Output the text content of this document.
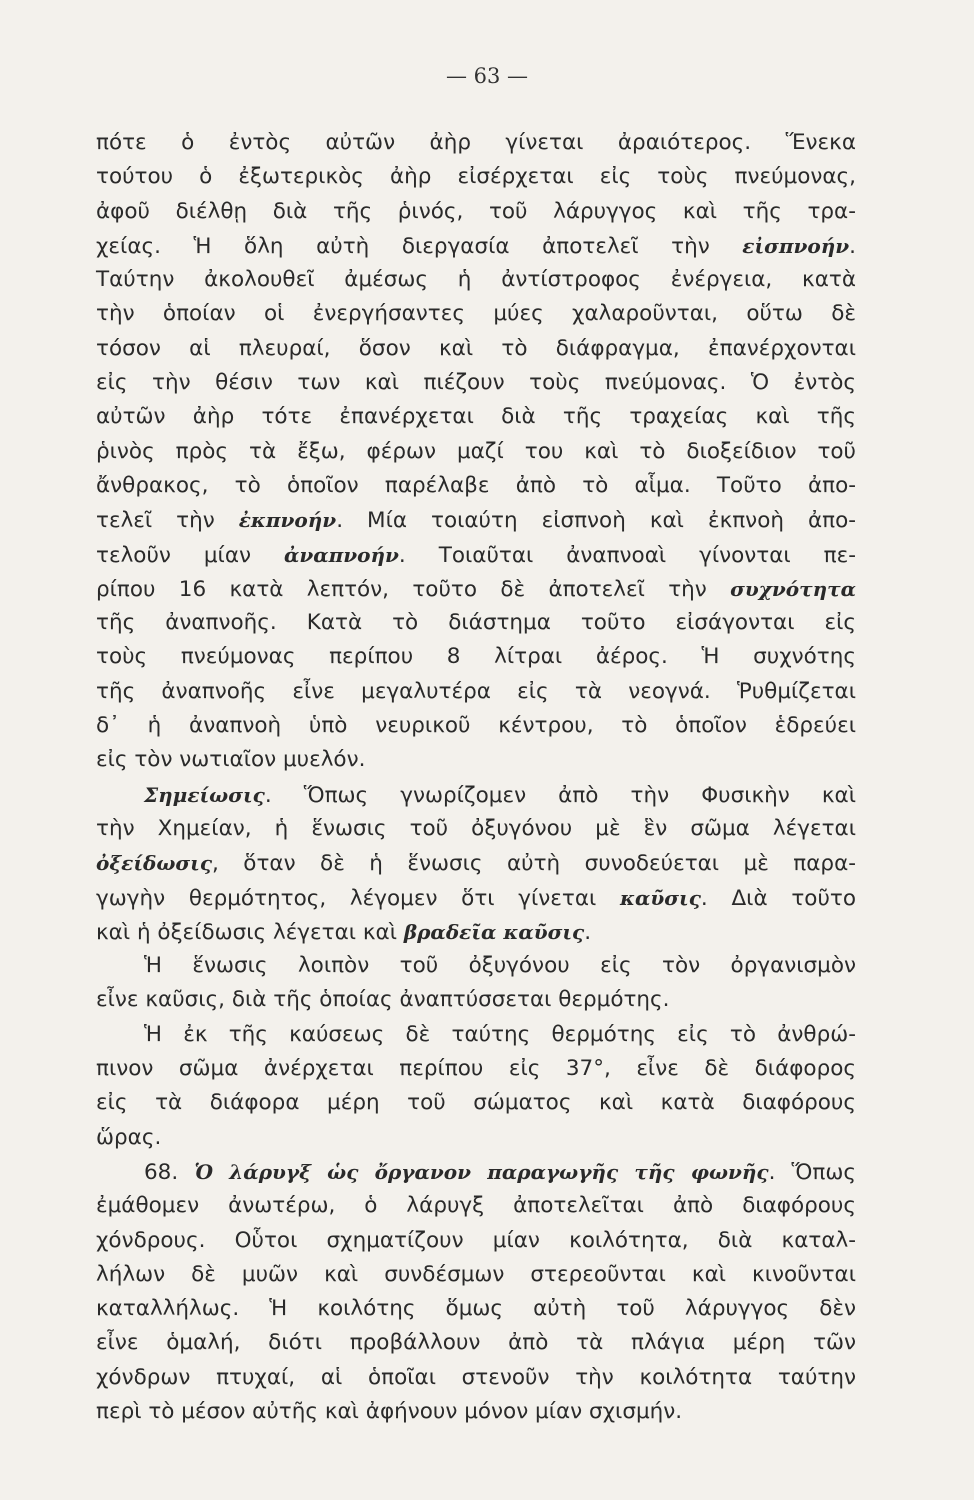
— 63 —
πότε ὁ ἐντὸς αὐτῶν ἀὴρ γίνεται ἀραιότερος. Ἕνεκα
τούτου ὁ ἐξωτερικὸς ἀὴρ εἰσέρχεται εἰς τοὺς πνεύμονας,
ἀφοῦ διέλθῃ διὰ τῆς ῥινός, τοῦ λάρυγγος καὶ τῆς τρα-
χείας. Ἡ ὅλη αὐτὴ διεργασία ἀποτελεῖ τὴν εἰσπνοήν.
Ταύτην ἀκολουθεῖ ἀμέσως ἡ ἀντίστροφος ἐνέργεια, κατὰ
τὴν ὁποίαν οἱ ἐνεργήσαντες μύες χαλαροῦνται, οὕτω δὲ
τόσον αἱ πλευραί, ὅσον καὶ τὸ διάφραγμα, ἐπανέρχονται
εἰς τὴν θέσιν των καὶ πιέζουν τοὺς πνεύμονας. Ὁ ἐντὸς
αὐτῶν ἀὴρ τότε ἐπανέρχεται διὰ τῆς τραχείας καὶ τῆς
ῥινὸς πρὸς τὰ ἔξω, φέρων μαζί του καὶ τὸ διοξείδιον τοῦ
ἄνθρακος, τὸ ὁποῖον παρέλαβε ἀπὸ τὸ αἷμα. Τοῦτο ἀπο-
τελεῖ τὴν ἐκπνοήν. Μία τοιαύτη εἰσπνοὴ καὶ ἐκπνοὴ ἀπο-
τελοῦν μίαν ἀναπνοήν. Τοιαῦται ἀναπνοαὶ γίνονται πε-
ρίπου 16 κατὰ λεπτόν, τοῦτο δὲ ἀποτελεῖ τὴν συχνότητα
τῆς ἀναπνοῆς. Κατὰ τὸ διάστημα τοῦτο εἰσάγονται εἰς
τοὺς πνεύμονας περίπου 8 λίτραι ἀέρος. Ἡ συχνότης
τῆς ἀναπνοῆς εἶνε μεγαλυτέρα εἰς τὰ νεογνά. Ῥυθμίζεται
δ᾽ ἡ ἀναπνοὴ ὑπὸ νευρικοῦ κέντρου, τὸ ὁποῖον ἑδρεύει
εἰς τὸν νωτιαῖον μυελόν.
Σημείωσις. Ὅπως γνωρίζομεν ἀπὸ τὴν Φυσικὴν καὶ
τὴν Χημείαν, ἡ ἕνωσις τοῦ ὀξυγόνου μὲ ἓν σῶμα λέγεται
ὀξείδωσις, ὅταν δὲ ἡ ἕνωσις αὐτὴ συνοδεύεται μὲ παρα-
γωγὴν θερμότητος, λέγομεν ὅτι γίνεται καῦσις. Διὰ τοῦτο
καὶ ἡ ὀξείδωσις λέγεται καὶ βραδεῖα καῦσις.
Ἡ ἕνωσις λοιπὸν τοῦ ὀξυγόνου εἰς τὸν ὀργανισμὸν
εἶνε καῦσις, διὰ τῆς ὁποίας ἀναπτύσσεται θερμότης.
Ἡ ἐκ τῆς καύσεως δὲ ταύτης θερμότης εἰς τὸ ἀνθρώ-
πινον σῶμα ἀνέρχεται περίπου εἰς 37°, εἶνε δὲ διάφορος
εἰς τὰ διάφορα μέρη τοῦ σώματος καὶ κατὰ διαφόρους
ὥρας.
68. Ὁ λάρυγξ ὡς ὄργανον παραγωγῆς τῆς φωνῆς. Ὅπως
ἐμάθομεν ἀνωτέρω, ὁ λάρυγξ ἀποτελεῖται ἀπὸ διαφόρους
χόνδρους. Οὗτοι σχηματίζουν μίαν κοιλότητα, διὰ καταλ-
λήλων δὲ μυῶν καὶ συνδέσμων στερεοῦνται καὶ κινοῦνται
καταλλήλως. Ἡ κοιλότης ὅμως αὐτὴ τοῦ λάρυγγος δὲν
εἶνε ὁμαλή, διότι προβάλλουν ἀπὸ τὰ πλάγια μέρη τῶν
χόνδρων πτυχαί, αἱ ὁποῖαι στενοῦν τὴν κοιλότητα ταύτην
περὶ τὸ μέσον αὐτῆς καὶ ἀφήνουν μόνον μίαν σχισμήν.
